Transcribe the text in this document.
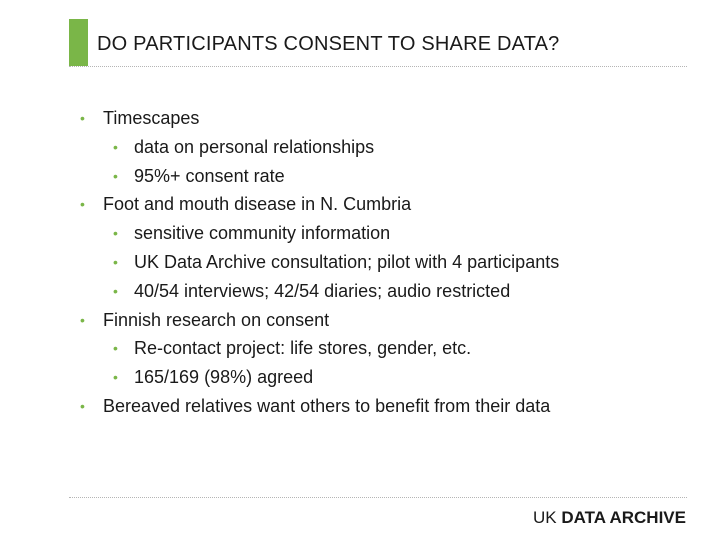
DO PARTICIPANTS CONSENT TO SHARE DATA?
• Timescapes
• data on personal relationships
• 95%+ consent rate
• Foot and mouth disease in N. Cumbria
• sensitive community information
• UK Data Archive consultation; pilot with 4 participants
• 40/54 interviews; 42/54 diaries; audio restricted
• Finnish research on consent
• Re-contact project: life stores, gender, etc.
• 165/169 (98%) agreed
• Bereaved relatives want others to benefit from their data
UK DATA ARCHIVE
